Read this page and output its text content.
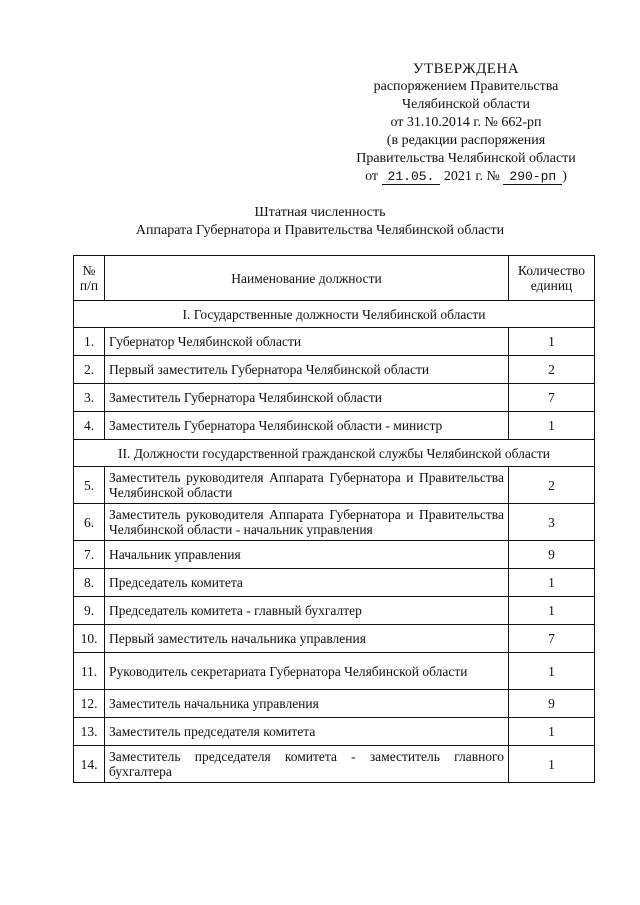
УТВЕРЖДЕНА
распоряжением Правительства
Челябинской области
от 31.10.2014 г. № 662-рп
(в редакции распоряжения
Правительства Челябинской области
от 21.05. 2021 г. № 290-рп )
Штатная численность
Аппарата Губернатора и Правительства Челябинской области
№ п/п	Наименование должности	Количество единиц
I. Государственные должности Челябинской области		
1.	Губернатор Челябинской области	1
2.	Первый заместитель Губернатора Челябинской области	2
3.	Заместитель Губернатора Челябинской области	7
4.	Заместитель Губернатора Челябинской области - министр	1
II. Должности государственной гражданской службы Челябинской области		
5.	Заместитель руководителя Аппарата Губернатора и Правительства Челябинской области	2
6.	Заместитель руководителя Аппарата Губернатора и Правительства Челябинской области - начальник управления	3
7.	Начальник управления	9
8.	Председатель комитета	1
9.	Председатель комитета - главный бухгалтер	1
10.	Первый заместитель начальника управления	7
11.	Руководитель секретариата Губернатора Челябинской области	1
12.	Заместитель начальника управления	9
13.	Заместитель председателя комитета	1
14.	Заместитель председателя комитета - заместитель главного бухгалтера	1
